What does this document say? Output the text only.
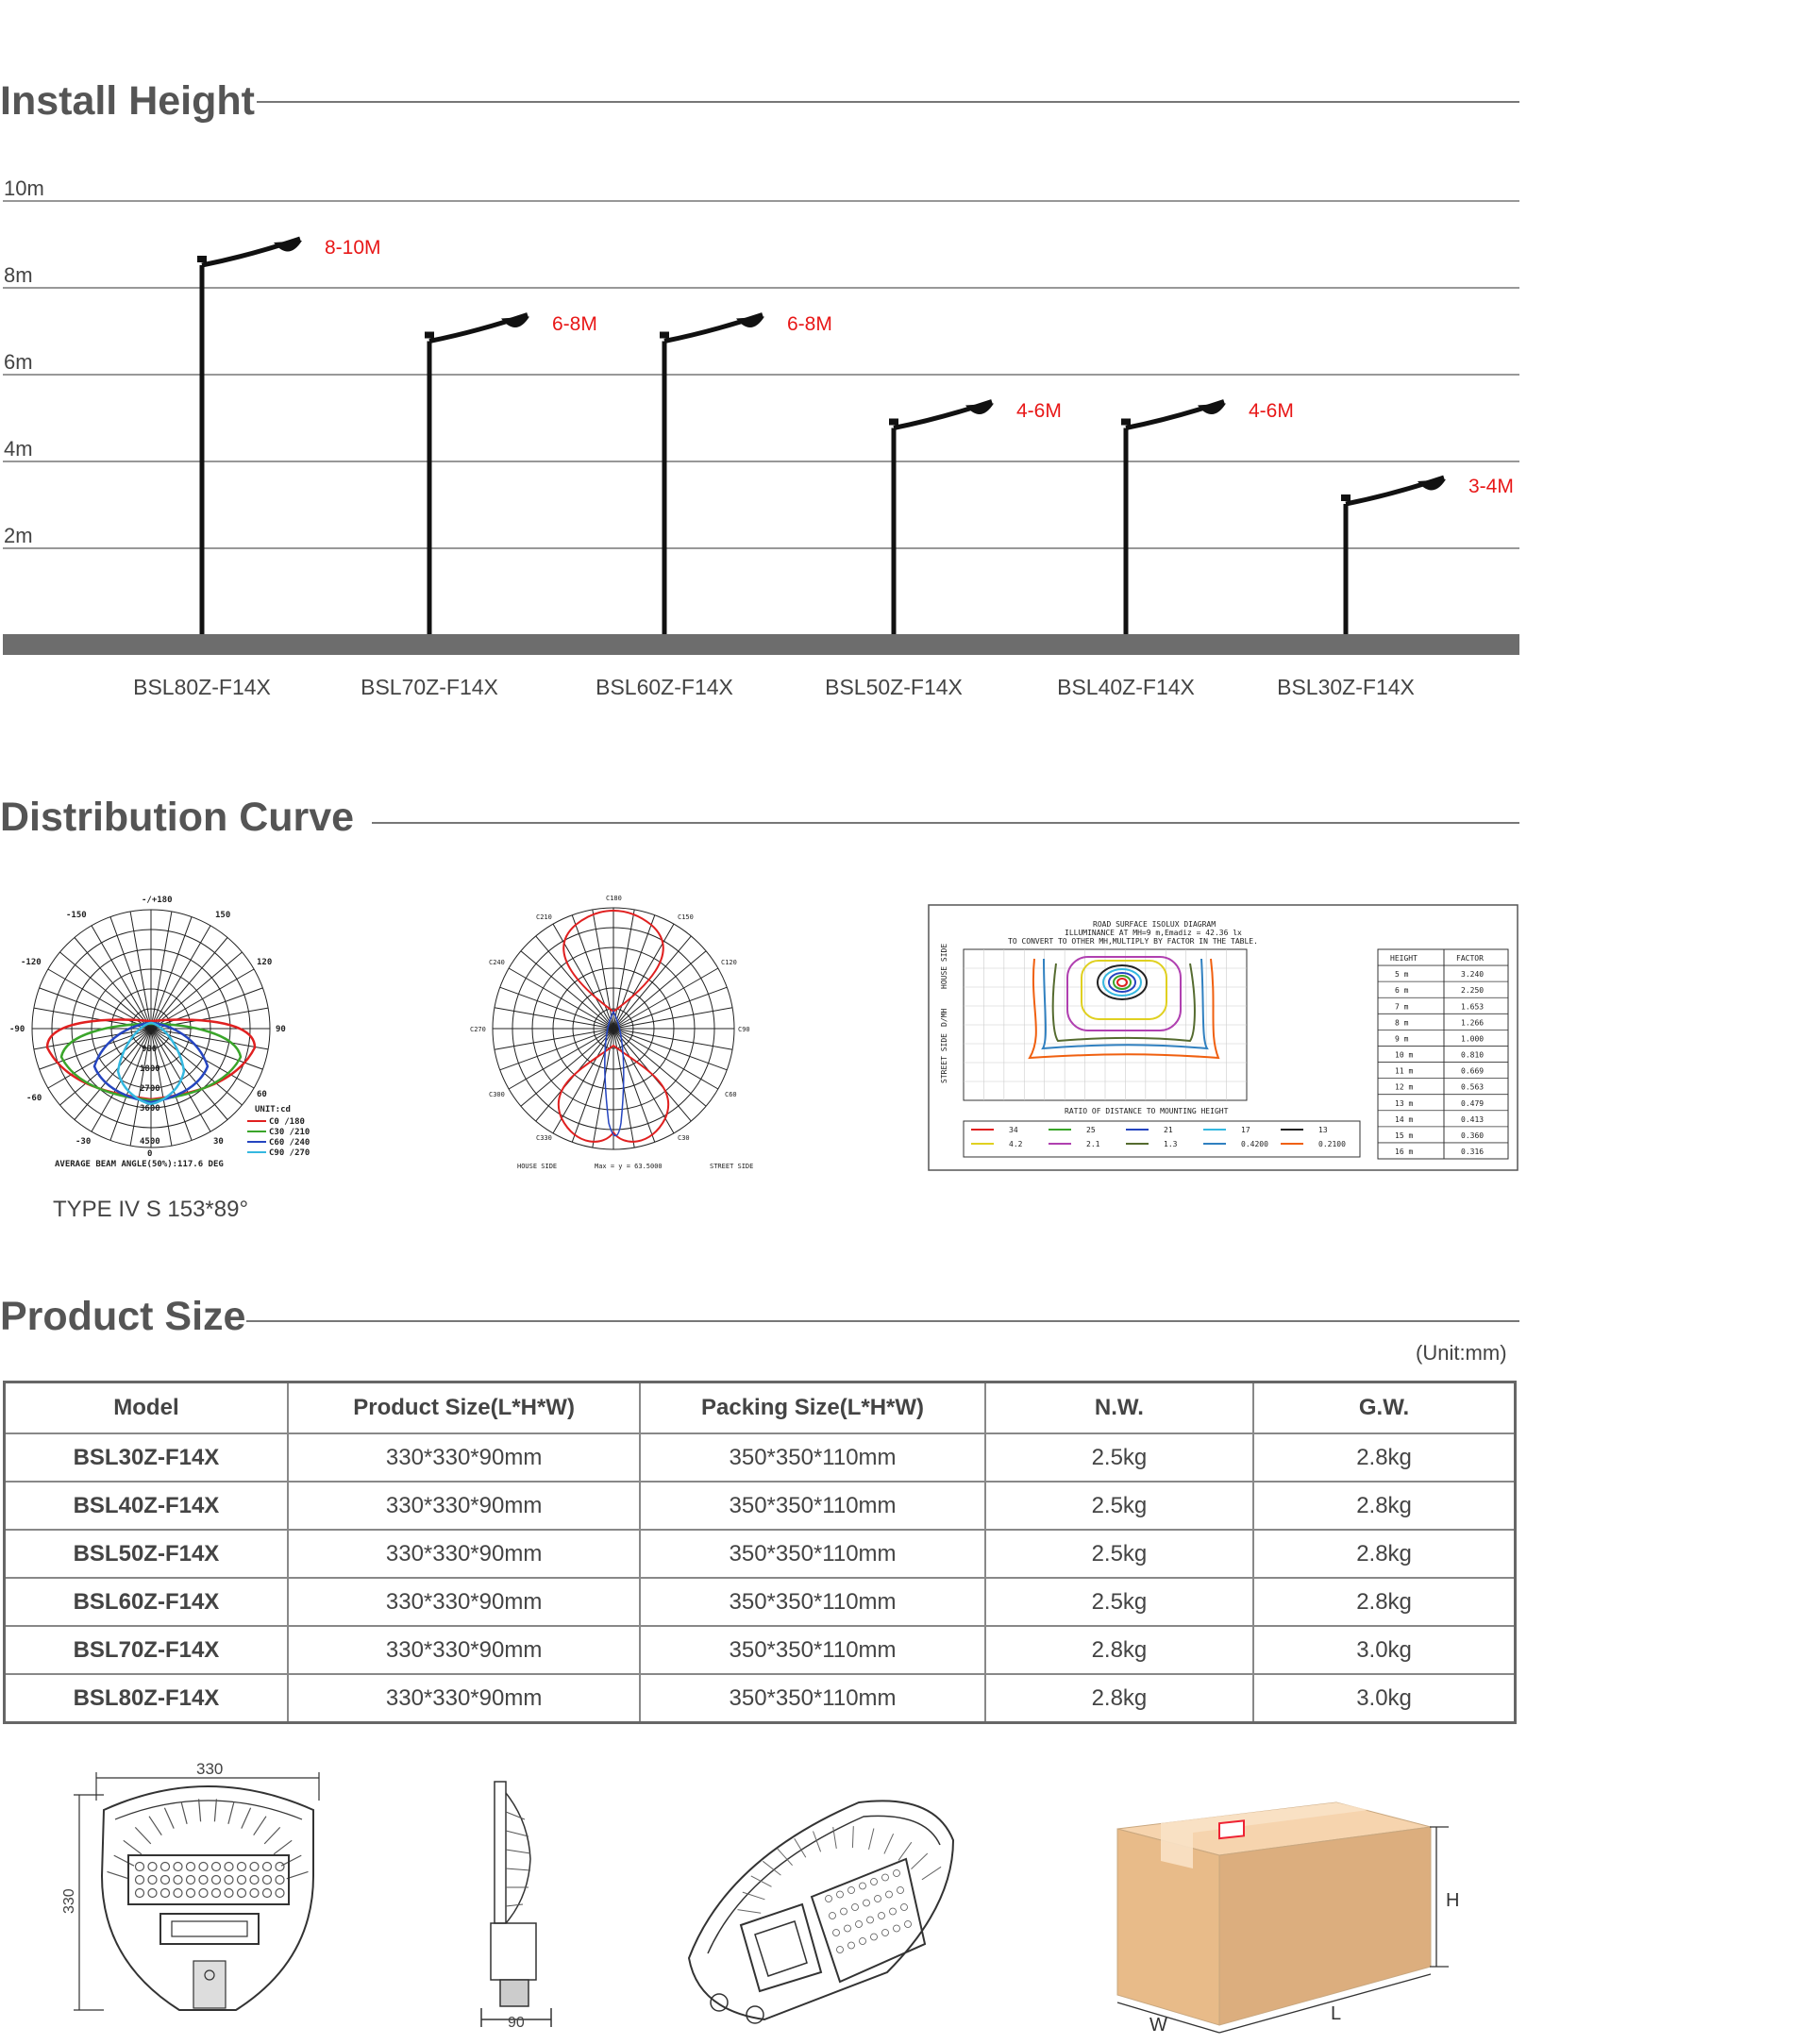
Install Height
10m
8m
6m
4m
2m
8-10M
6-8M	6-8M
4-6M	4-6M
3-4M
BSL80Z-F14X	BSL70Z-F14X	BSL60Z-F14X	BSL50Z-F14X	BSL40Z-F14X	BSL30Z-F14X
Distribution Curve
-/+180
-150	150
-120	120
-90	90
-60	60
-30	30
0
900
1800
2700
3600
4500
UNIT:cd
C0 /180
C30 /210
C60 /240
C90 /270
AVERAGE BEAM ANGLE(50%):117.6 DEG
TYPE IV S 153*89°
C180
C210	C150
C240	C120
C270	C90
C300	C60
C330	C30
HOUSE SIDE	Max = y = 63.5000	STREET SIDE
ROAD SURFACE ISOLUX DIAGRAM
ILLUMINANCE AT MH=9 m,Emadiz = 42.36 lx
TO CONVERT TO OTHER MH,MULTIPLY BY FACTOR IN THE TABLE.
RATIO OF DISTANCE TO MOUNTING HEIGHT
HOUSE SIDE
D/MH
STREET SIDE
HEIGHT	FACTOR
5 m	3.240
6 m	2.250
7 m	1.653
8 m	1.266
9 m	1.000
10 m	0.810
11 m	0.669
12 m	0.563
13 m	0.479
14 m	0.413
15 m	0.360
16 m	0.316
34	25	21	17	13
4.2	2.1	1.3	0.4200	0.2100
Product Size
(Unit:mm)
Model	Product Size(L*H*W)	Packing Size(L*H*W)	N.W.	G.W.
BSL30Z-F14X	330*330*90mm	350*350*110mm	2.5kg	2.8kg
BSL40Z-F14X	330*330*90mm	350*350*110mm	2.5kg	2.8kg
BSL50Z-F14X	330*330*90mm	350*350*110mm	2.5kg	2.8kg
BSL60Z-F14X	330*330*90mm	350*350*110mm	2.5kg	2.8kg
BSL70Z-F14X	330*330*90mm	350*350*110mm	2.8kg	3.0kg
BSL80Z-F14X	330*330*90mm	350*350*110mm	2.8kg	3.0kg
330
330
90
H
W
L
